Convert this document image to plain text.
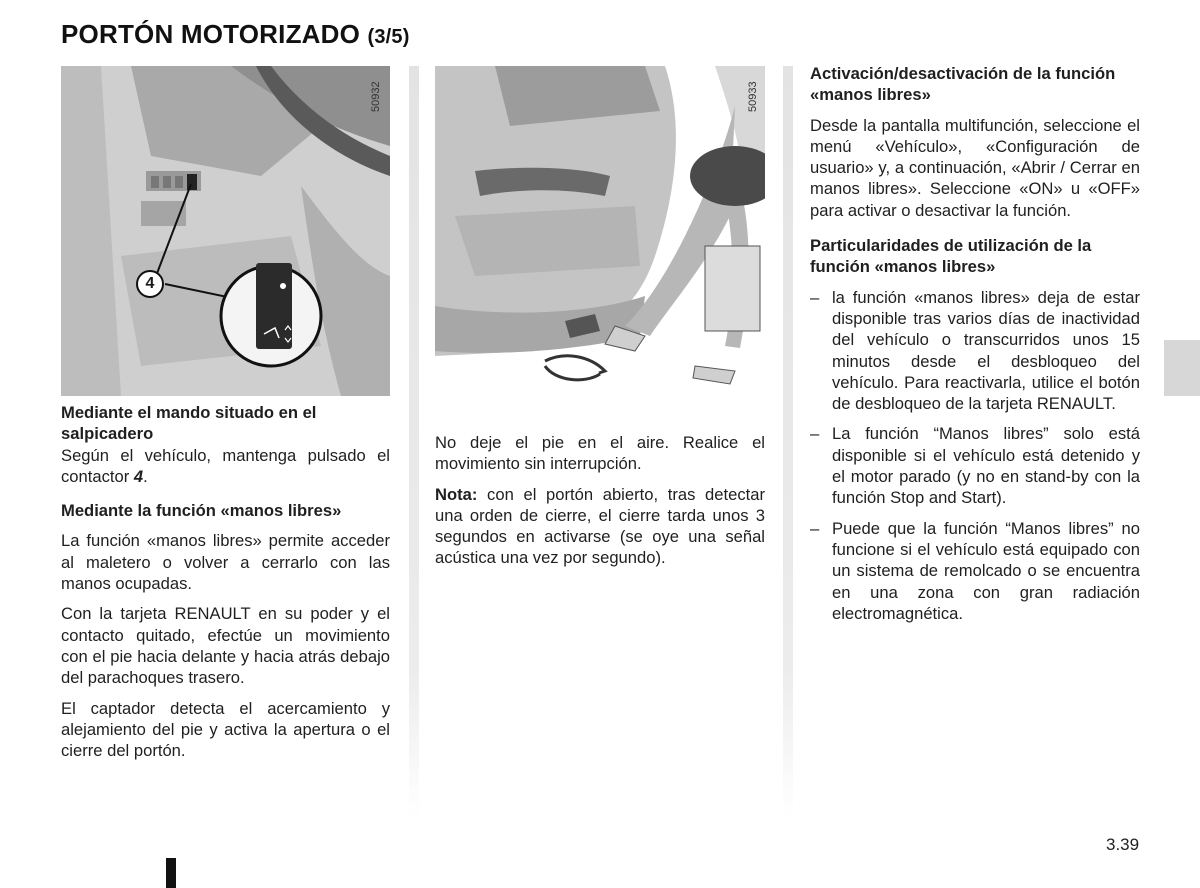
PORTÓN MOTORIZADO (3/5)
4
50932	50933
Mediante el mando situado en el salpicadero

Según el vehículo, mantenga pulsado el contactor 4.

Mediante la función «manos libres»

La función «manos libres» permite acceder al maletero o volver a cerrarlo con las manos ocupadas.

Con la tarjeta RENAULT en su poder y el contacto quitado, efectúe un movimiento con el pie hacia delante y hacia atrás debajo del parachoques trasero.

El captador detecta el acercamiento y alejamiento del pie y activa la apertura o el cierre del portón.

No deje el pie en el aire. Realice el movimiento sin interrupción.

Nota: con el portón abierto, tras detectar una orden de cierre, el cierre tarda unos 3 segundos en activarse (se oye una señal acústica una vez por segundo).

Activación/desactivación de la función «manos libres»

Desde la pantalla multifunción, seleccione el menú «Vehículo», «Configuración de usuario» y, a continuación, «Abrir / Cerrar en manos libres». Seleccione «ON» u «OFF» para activar o desactivar la función.

Particularidades de utilización de la función «manos libres»
– la función «manos libres» deja de estar disponible tras varios días de inactividad del vehículo o transcurridos unos 15 minutos desde el desbloqueo del vehículo. Para reactivarla, utilice el botón de desbloqueo de la tarjeta RENAULT.
– La función “Manos libres” solo está disponible si el vehículo está detenido y el motor parado (y no en stand-by con la función Stop and Start).
– Puede que la función “Manos libres” no funcione si el vehículo está equipado con un sistema de remolcado o se encuentra en una zona con gran radiación electromagnética.
3.39
